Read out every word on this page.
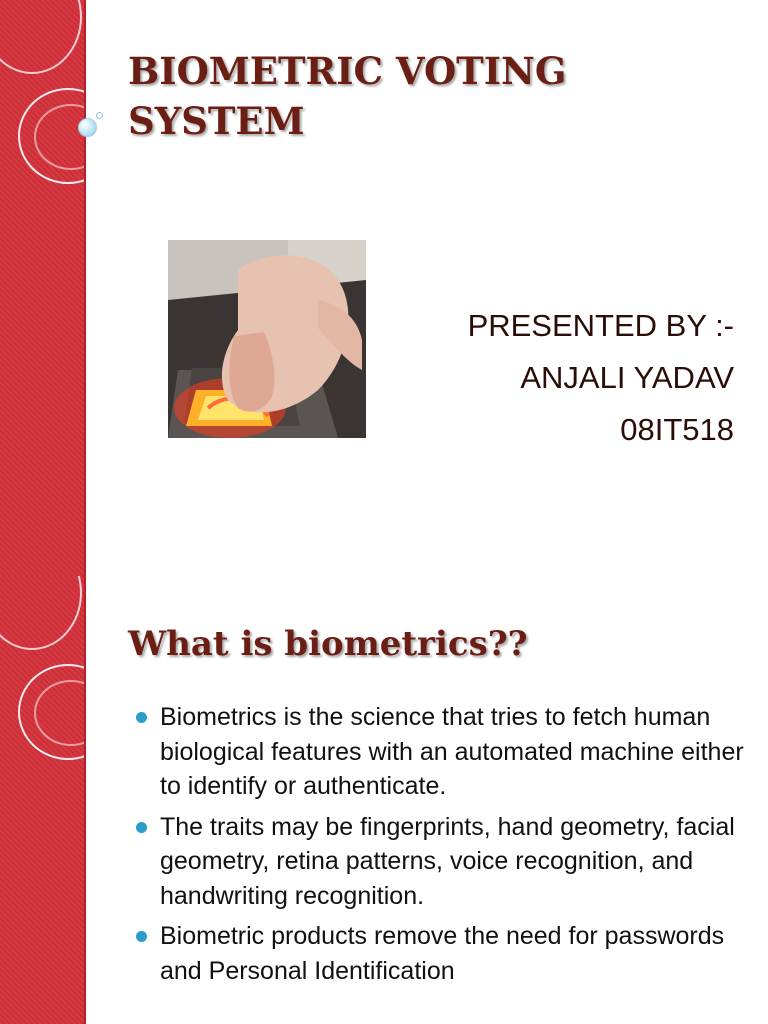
BIOMETRIC VOTING SYSTEM
PRESENTED BY :-
ANJALI YADAV
08IT518
What is biometrics??
Biometrics is the science that tries to fetch human biological features with an automated machine either to identify or authenticate.
The traits may be fingerprints, hand geometry, facial geometry, retina patterns, voice recognition, and handwriting recognition.
Biometric products remove the need for passwords and Personal Identification
